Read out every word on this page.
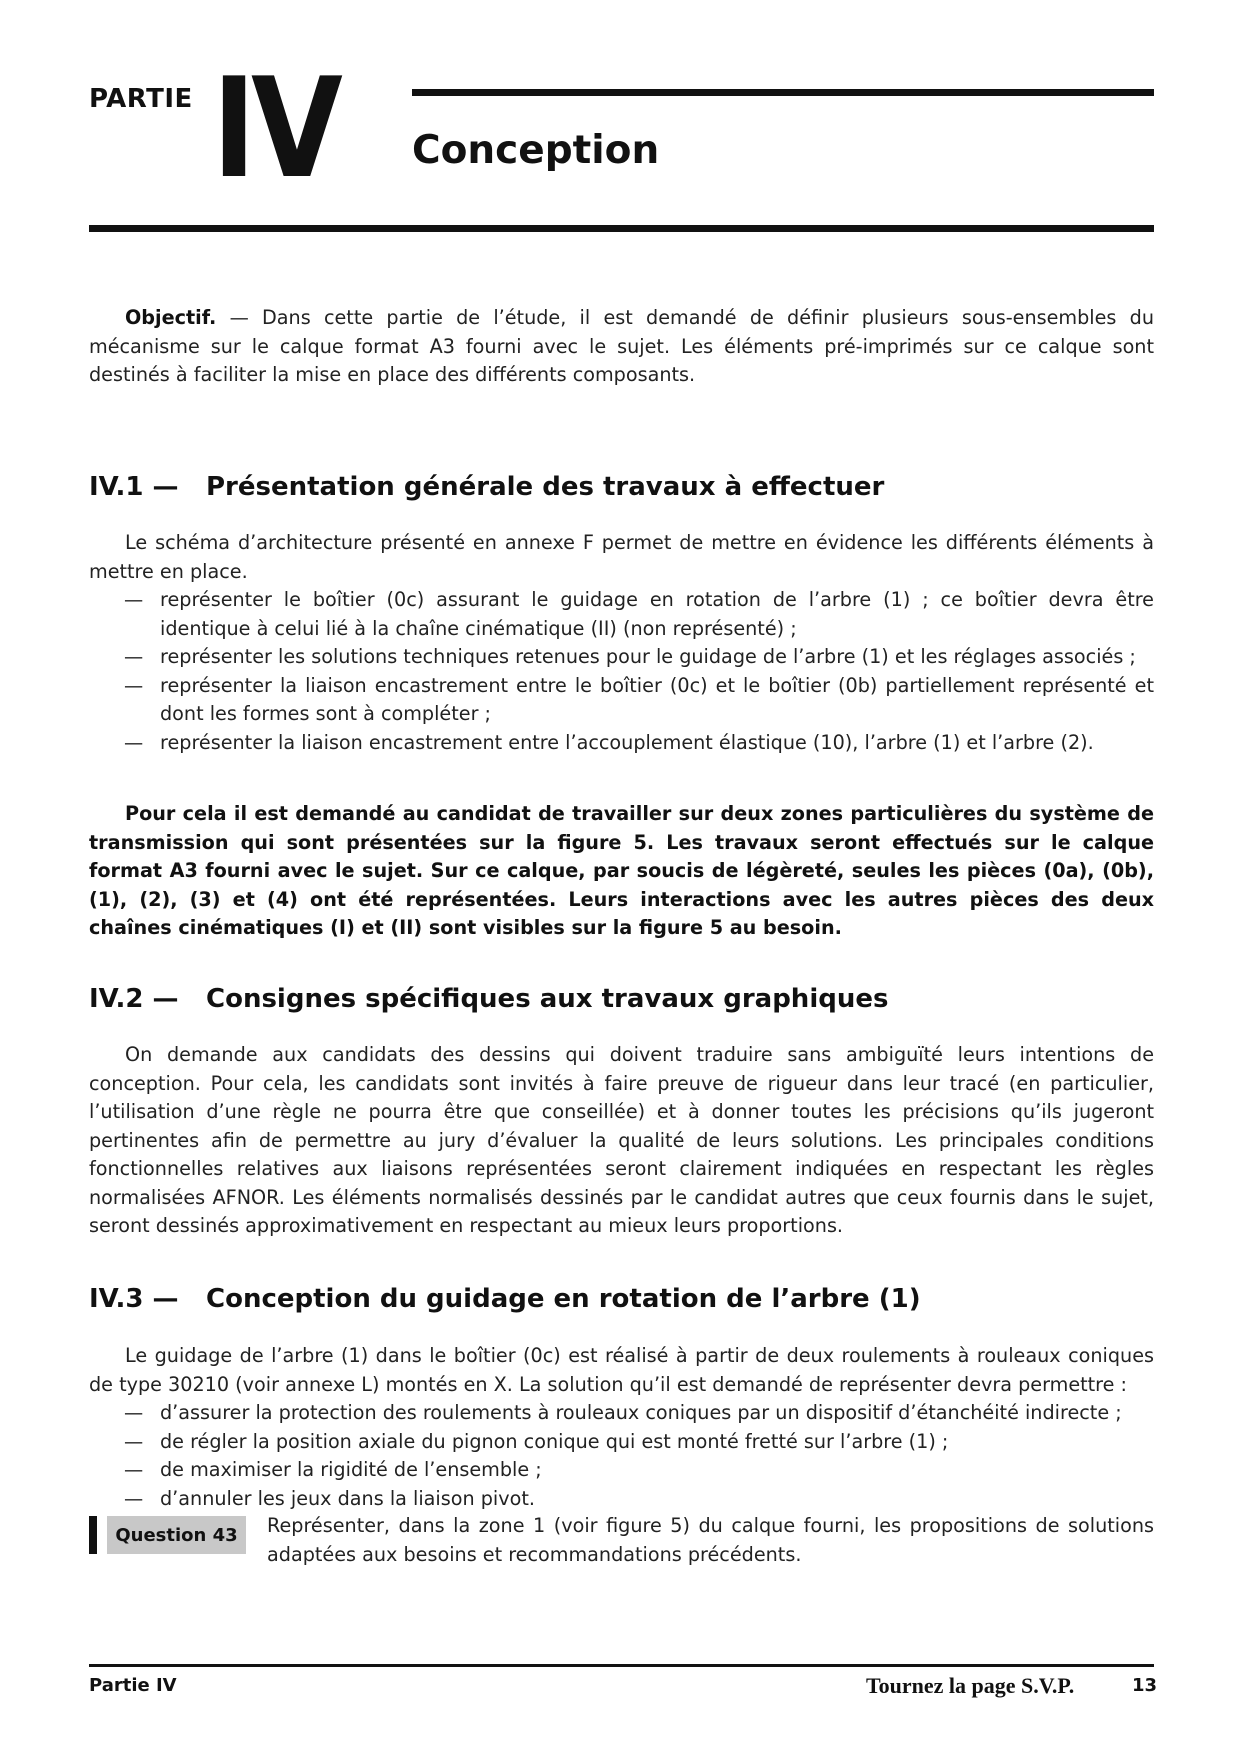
PARTIE IV Conception

Objectif. — Dans cette partie de l’étude, il est demandé de définir plusieurs sous-ensembles du mécanisme sur le calque format A3 fourni avec le sujet. Les éléments pré-imprimés sur ce calque sont destinés à faciliter la mise en place des différents composants.

IV.1 — Présentation générale des travaux à effectuer
Le schéma d’architecture présenté en annexe F permet de mettre en évidence les différents éléments à mettre en place.
— représenter le boîtier (0c) assurant le guidage en rotation de l’arbre (1) ; ce boîtier devra être identique à celui lié à la chaîne cinématique (II) (non représenté) ;
— représenter les solutions techniques retenues pour le guidage de l’arbre (1) et les réglages associés ;
— représenter la liaison encastrement entre le boîtier (0c) et le boîtier (0b) partiellement représenté et dont les formes sont à compléter ;
— représenter la liaison encastrement entre l’accouplement élastique (10), l’arbre (1) et l’arbre (2).

Pour cela il est demandé au candidat de travailler sur deux zones particulières du système de transmission qui sont présentées sur la figure 5. Les travaux seront effectués sur le calque format A3 fourni avec le sujet. Sur ce calque, par soucis de légèreté, seules les pièces (0a), (0b), (1), (2), (3) et (4) ont été représentées. Leurs interactions avec les autres pièces des deux chaînes cinématiques (I) et (II) sont visibles sur la figure 5 au besoin.

IV.2 — Consignes spécifiques aux travaux graphiques

On demande aux candidats des dessins qui doivent traduire sans ambiguïté leurs intentions de conception. Pour cela, les candidats sont invités à faire preuve de rigueur dans leur tracé (en particulier, l’utilisation d’une règle ne pourra être que conseillée) et à donner toutes les précisions qu’ils jugeront pertinentes afin de permettre au jury d’évaluer la qualité de leurs solutions. Les principales conditions fonctionnelles relatives aux liaisons représentées seront clairement indiquées en respectant les règles normalisées AFNOR. Les éléments normalisés dessinés par le candidat autres que ceux fournis dans le sujet, seront dessinés approximativement en respectant au mieux leurs proportions.

IV.3 — Conception du guidage en rotation de l’arbre (1)
Le guidage de l’arbre (1) dans le boîtier (0c) est réalisé à partir de deux roulements à rouleaux coniques de type 30210 (voir annexe L) montés en X. La solution qu’il est demandé de représenter devra permettre :
— d’assurer la protection des roulements à rouleaux coniques par un dispositif d’étanchéité indirecte ;
— de régler la position axiale du pignon conique qui est monté fretté sur l’arbre (1) ;
— de maximiser la rigidité de l’ensemble ;
— d’annuler les jeux dans la liaison pivot.
Question 43	Représenter, dans la zone 1 (voir figure 5) du calque fourni, les propositions de solutions adaptées aux besoins et recommandations précédents.

Partie IV	Tournez la page S.V.P.	13
